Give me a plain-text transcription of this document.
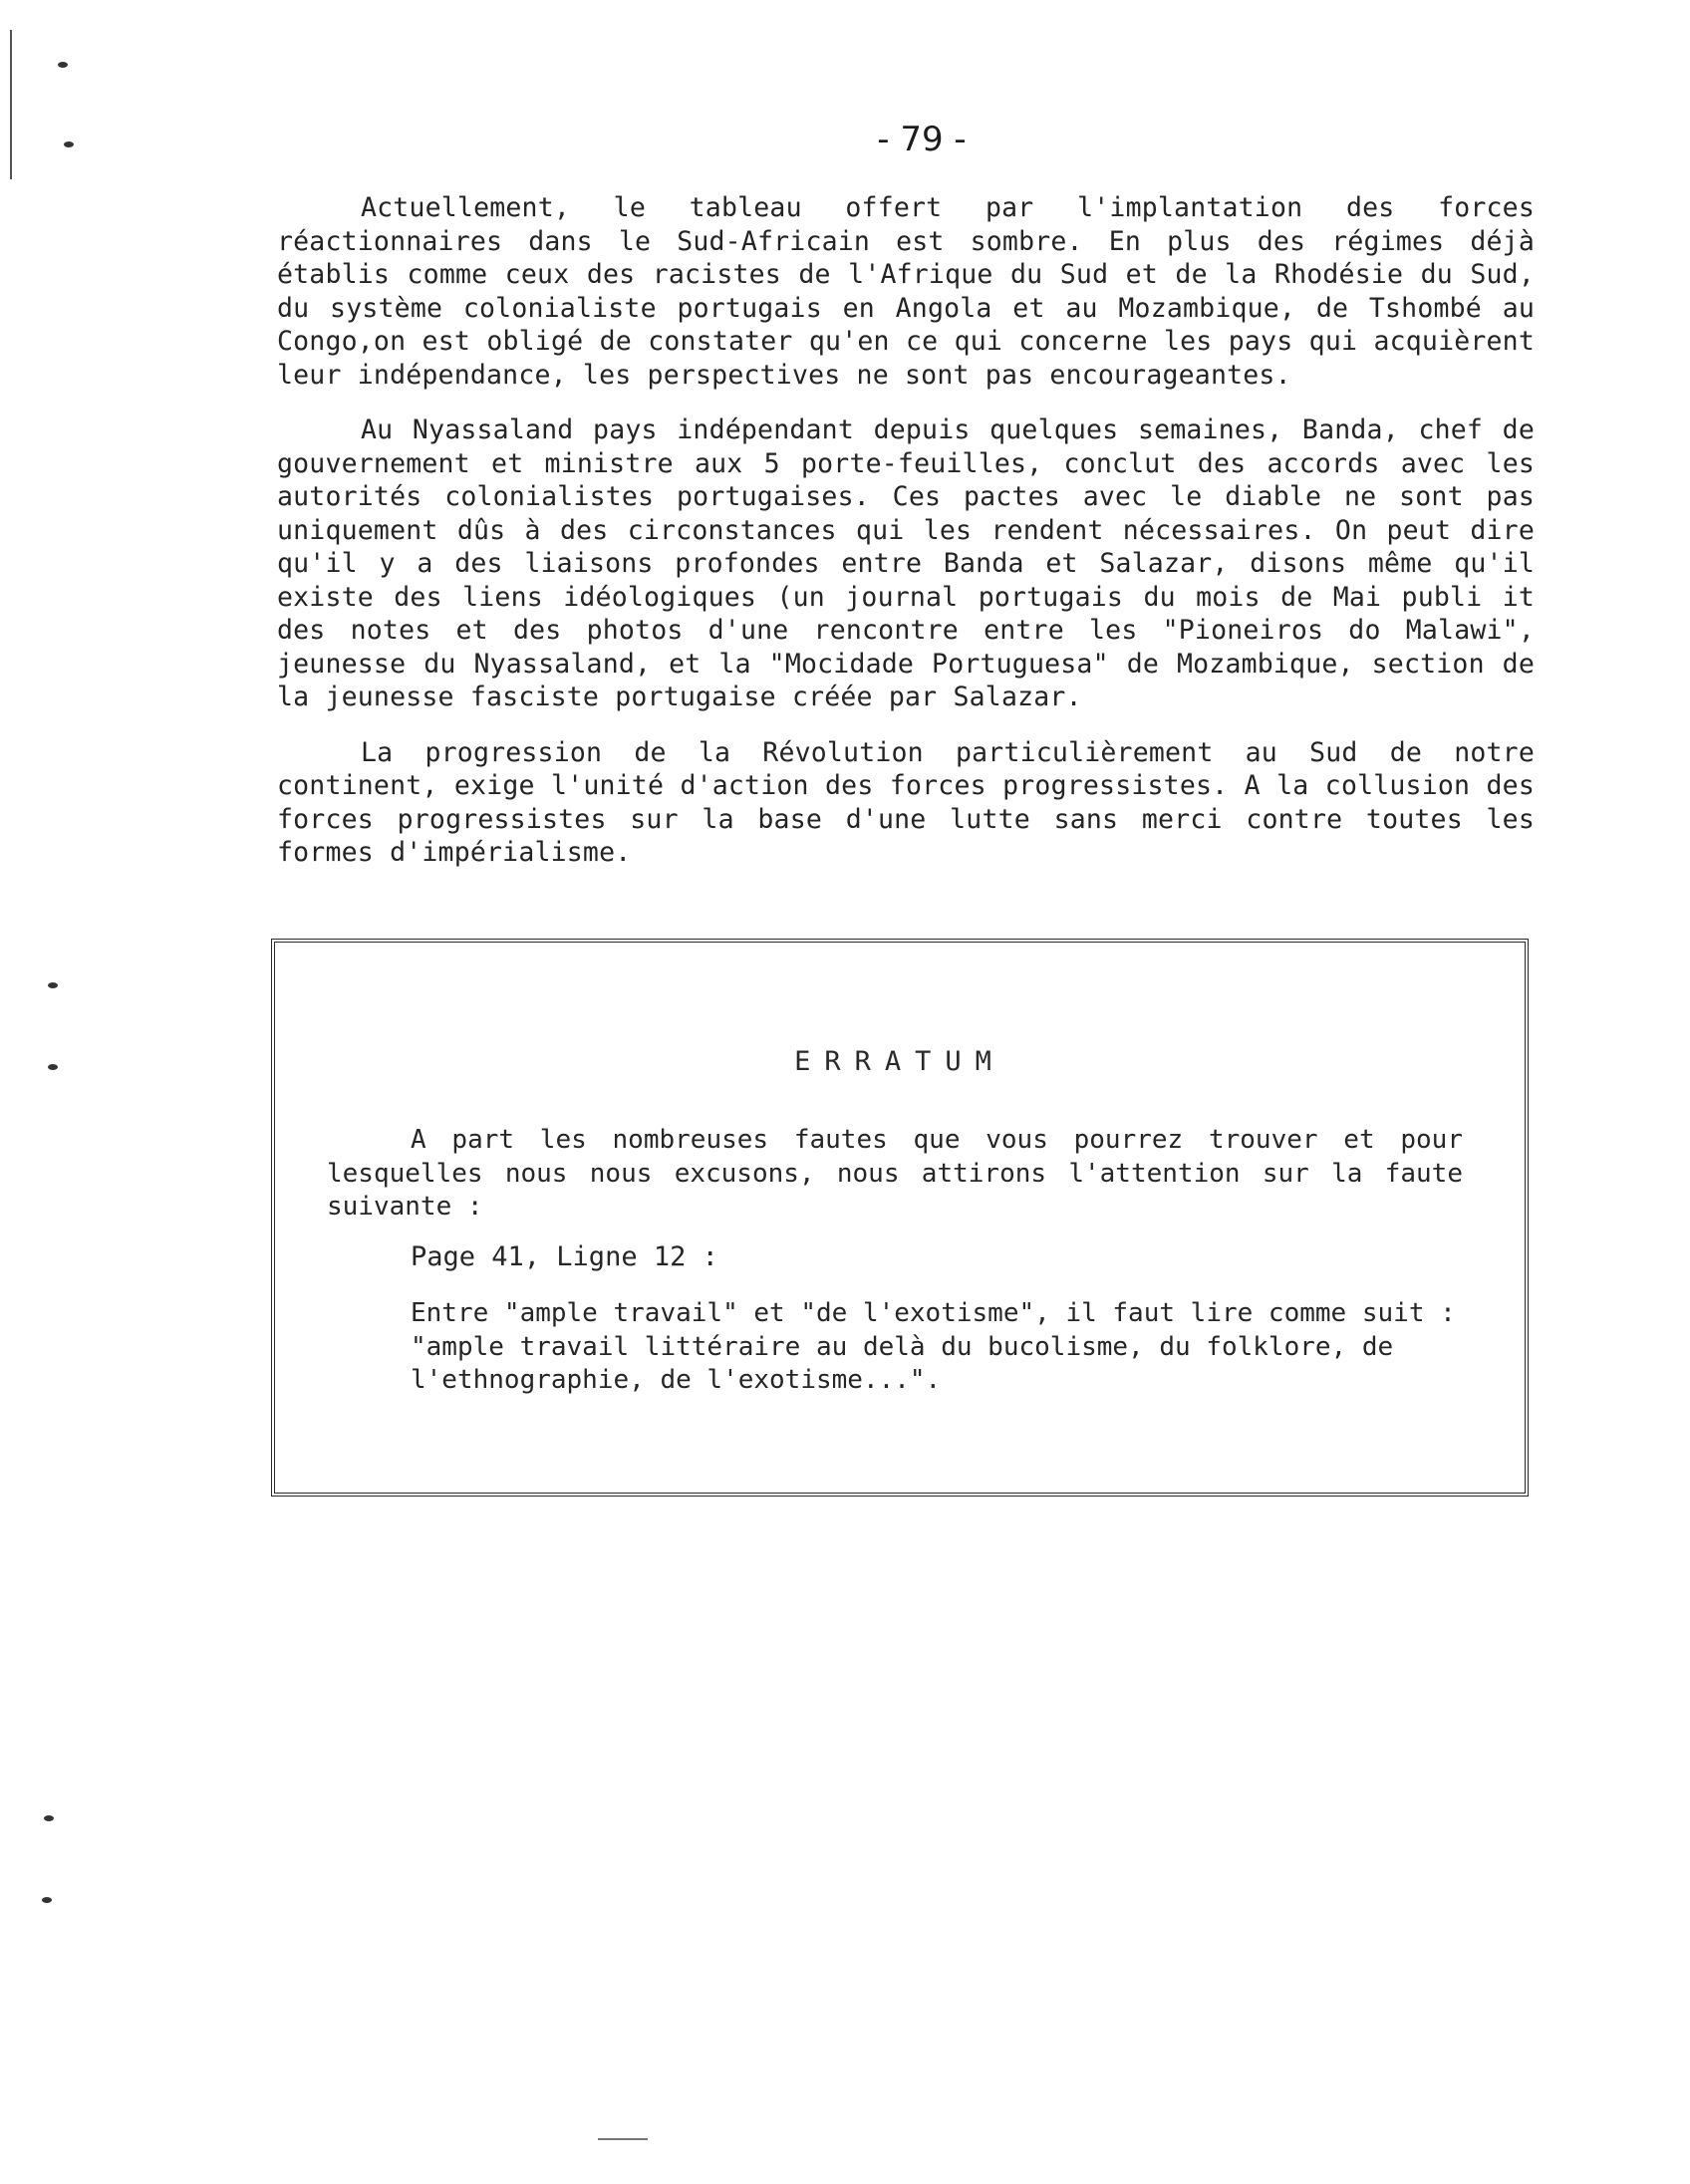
- 79 -

Actuellement, le tableau offert par l'implantation des forces réactionnaires dans le Sud-Africain est sombre. En plus des régimes déjà établis comme ceux des racistes de l'Afrique du Sud et de la Rhodésie du Sud, du système colonialiste portugais en Angola et au Mozambique, de Tshombé au Congo,on est obligé de constater qu'en ce qui concerne les pays qui acquièrent leur indépendance, les perspectives ne sont pas encourageantes.

Au Nyassaland pays indépendant depuis quelques semaines, Banda, chef de gouvernement et ministre aux 5 porte-feuilles, conclut des accords avec les autorités colonialistes portugaises. Ces pactes avec le diable ne sont pas uniquement dûs à des circonstances qui les rendent nécessaires. On peut dire qu'il y a des liaisons profondes entre Banda et Salazar, disons même qu'il existe des liens idéologiques (un journal portugais du mois de Mai publi it des notes et des photos d'une rencontre entre les "Pioneiros do Malawi", jeunesse du Nyassaland, et la "Mocidade Portuguesa" de Mozambique, section de la jeunesse fasciste portugaise créée par Salazar.

La progression de la Révolution particulièrement au Sud de notre continent, exige l'unité d'action des forces progressistes. A la collusion des forces progressistes sur la base d'une lutte sans merci contre toutes les formes d'impérialisme.

ERRATUM

A part les nombreuses fautes que vous pourrez trouver et pour lesquelles nous nous excusons, nous attirons l'attention sur la faute suivante :

Page 41, Ligne 12 :

Entre "ample travail" et "de l'exotisme", il faut lire comme suit : "ample travail littéraire au delà du bucolisme, du folklore, de l'ethnographie, de l'exotisme...".
